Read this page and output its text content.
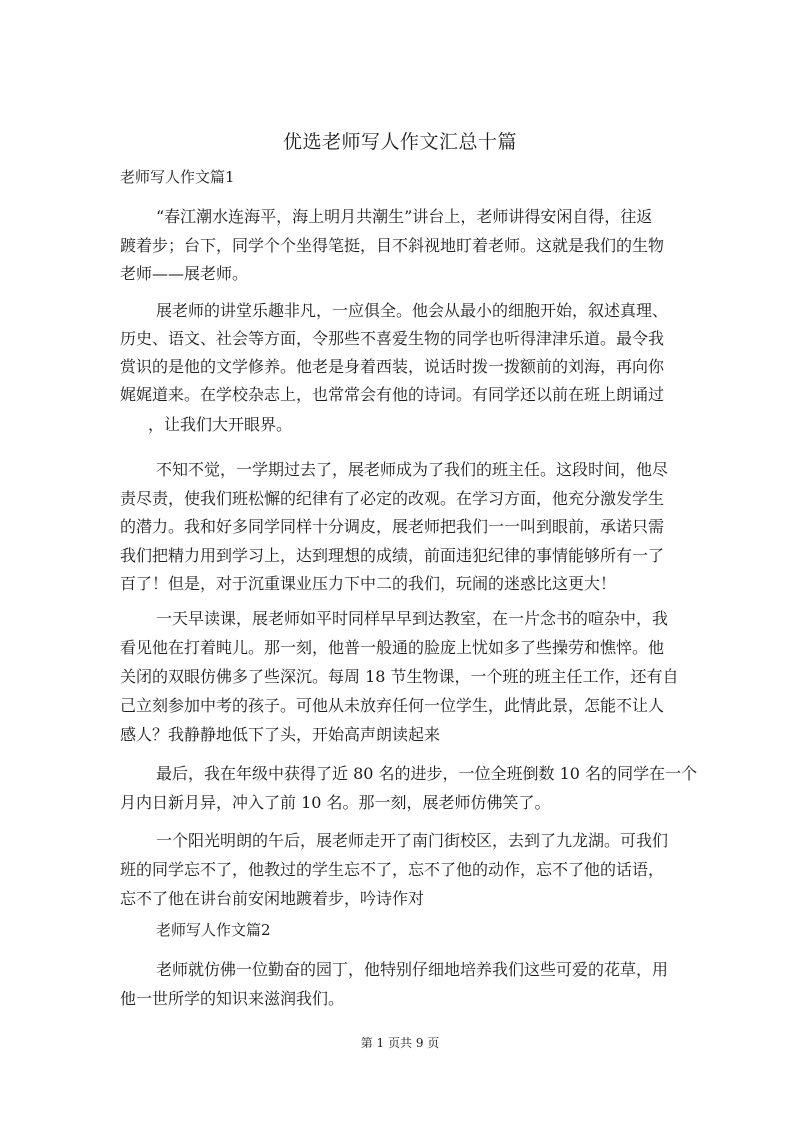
优选老师写人作文汇总十篇
老师写人作文篇1
“春江潮水连海平，海上明月共潮生”讲台上，老师讲得安闲自得，往返
踱着步；台下，同学个个坐得笔挺，目不斜视地盯着老师。这就是我们的生物
老师——展老师。
展老师的讲堂乐趣非凡，一应俱全。他会从最小的细胞开始，叙述真理、
历史、语文、社会等方面，令那些不喜爱生物的同学也听得津津乐道。最令我
赏识的是他的文学修养。他老是身着西装，说话时拨一拨额前的刘海，再向你
娓娓道来。在学校杂志上，也常常会有他的诗词。有同学还以前在班上朗诵过
，让我们大开眼界。
不知不觉，一学期过去了，展老师成为了我们的班主任。这段时间，他尽
责尽责，使我们班松懈的纪律有了必定的改观。在学习方面，他充分激发学生
的潜力。我和好多同学同样十分调皮，展老师把我们一一叫到眼前，承诺只需
我们把精力用到学习上，达到理想的成绩，前面违犯纪律的事情能够所有一了
百了！但是，对于沉重课业压力下中二的我们，玩闹的迷惑比这更大！
一天早读课，展老师如平时同样早早到达教室，在一片念书的喧杂中，我
看见他在打着盹儿。那一刻，他普一般通的脸庞上忧如多了些操劳和憔悴。他
关闭的双眼仿佛多了些深沉。每周 18 节生物课，一个班的班主任工作，还有自
己立刻参加中考的孩子。可他从未放弃任何一位学生，此情此景，怎能不让人
感人？我静静地低下了头，开始高声朗读起来
最后，我在年级中获得了近 80 名的进步，一位全班倒数 10 名的同学在一个
月内日新月异，冲入了前 10 名。那一刻，展老师仿佛笑了。
一个阳光明朗的午后，展老师走开了南门街校区，去到了九龙湖。可我们
班的同学忘不了，他教过的学生忘不了，忘不了他的动作，忘不了他的话语，
忘不了他在讲台前安闲地踱着步，吟诗作对
老师写人作文篇2
老师就仿佛一位勤奋的园丁，他特别仔细地培养我们这些可爱的花草，用
他一世所学的知识来滋润我们。
第 1 页共 9 页
